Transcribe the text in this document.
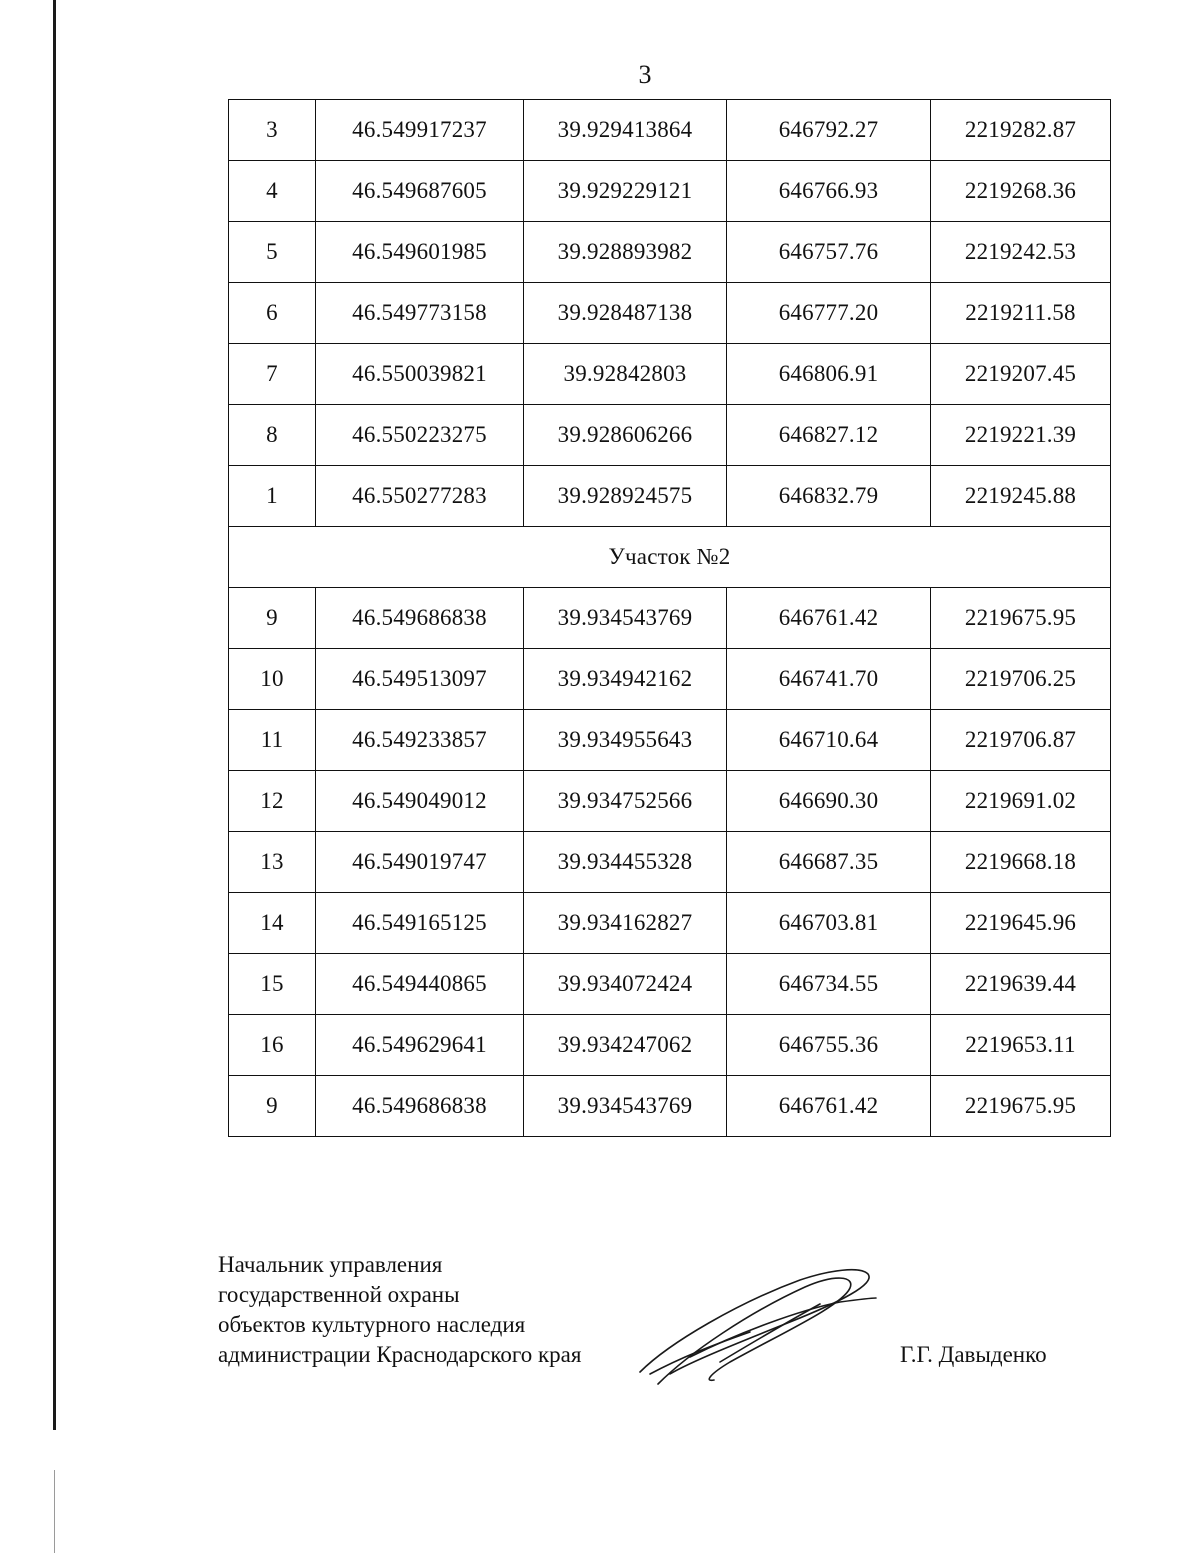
3
3	46.549917237	39.929413864	646792.27	2219282.87
4	46.549687605	39.929229121	646766.93	2219268.36
5	46.549601985	39.928893982	646757.76	2219242.53
6	46.549773158	39.928487138	646777.20	2219211.58
7	46.550039821	39.92842803	646806.91	2219207.45
8	46.550223275	39.928606266	646827.12	2219221.39
1	46.550277283	39.928924575	646832.79	2219245.88
Участок №2				
9	46.549686838	39.934543769	646761.42	2219675.95
10	46.549513097	39.934942162	646741.70	2219706.25
11	46.549233857	39.934955643	646710.64	2219706.87
12	46.549049012	39.934752566	646690.30	2219691.02
13	46.549019747	39.934455328	646687.35	2219668.18
14	46.549165125	39.934162827	646703.81	2219645.96
15	46.549440865	39.934072424	646734.55	2219639.44
16	46.549629641	39.934247062	646755.36	2219653.11
9	46.549686838	39.934543769	646761.42	2219675.95
Начальник управления
государственной охраны
объектов культурного наследия
администрации Краснодарского края	Г.Г. Давыденко
